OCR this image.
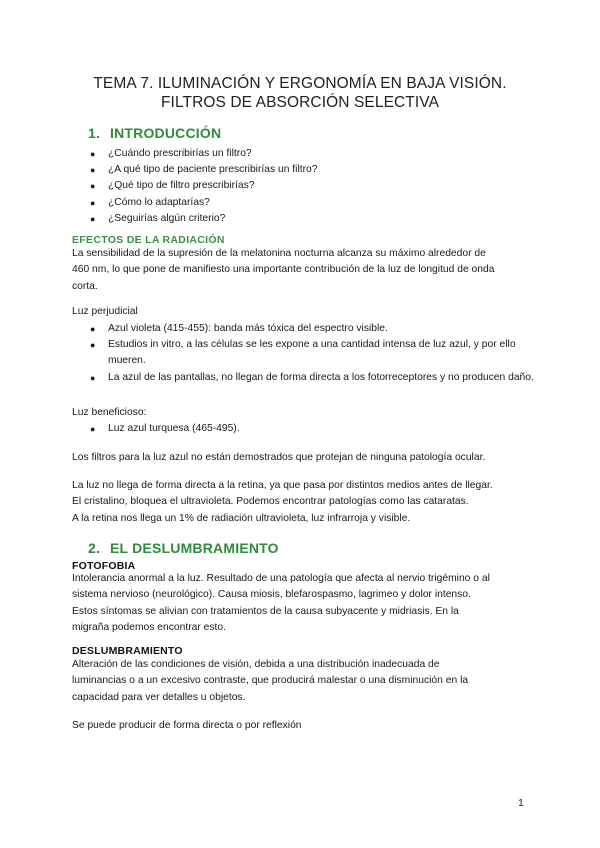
TEMA 7. ILUMINACIÓN Y ERGONOMÍA EN BAJA VISIÓN.
FILTROS DE ABSORCIÓN SELECTIVA
1. INTRODUCCIÓN
● ¿Cuándo prescribirías un filtro?
● ¿A qué tipo de paciente prescribirías un filtro?
● ¿Qué tipo de filtro prescribirías?
● ¿Cómo lo adaptarías?
● ¿Seguirías algún criterio?
EFECTOS DE LA RADIACIÓN
La sensibilidad de la supresión de la melatonina nocturna alcanza su máximo alrededor de
460 nm, lo que pone de manifiesto una importante contribución de la luz de longitud de onda
corta.
Luz perjudicial
● Azul violeta (415-455): banda más tóxica del espectro visible.
● Estudios in vitro, a las células se les expone a una cantidad intensa de luz azul, y por ello mueren.
● La azul de las pantallas, no llegan de forma directa a los fotorreceptores y no producen daño.
Luz beneficioso:
● Luz azul turquesa (465-495).
Los filtros para la luz azul no están demostrados que protejan de ninguna patología ocular.
La luz no llega de forma directa a la retina, ya que pasa por distintos medios antes de llegar.
El cristalino, bloquea el ultravioleta. Podemos encontrar patologías como las cataratas.
A la retina nos llega un 1% de radiación ultravioleta, luz infrarroja y visible.
2. EL DESLUMBRAMIENTO
FOTOFOBIA
Intolerancia anormal a la luz. Resultado de una patología que afecta al nervio trigémino o al
sistema nervioso (neurológico). Causa miosis, blefarospasmo, lagrimeo y dolor intenso.
Estos síntomas se alivian con tratamientos de la causa subyacente y midriasis. En la
migraña podemos encontrar esto.
DESLUMBRAMIENTO
Alteración de las condiciones de visión, debida a una distribución inadecuada de
luminancias o a un excesivo contraste, que producirá malestar o una disminución en la
capacidad para ver detalles u objetos.
Se puede producir de forma directa o por reflexión
1
